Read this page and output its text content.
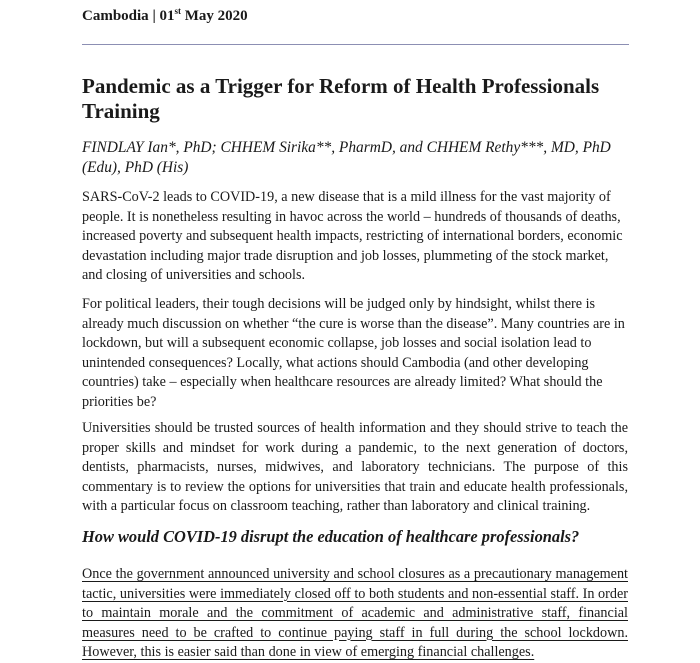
Cambodia | 01st May 2020
Pandemic as a Trigger for Reform of Health Professionals Training

FINDLAY Ian*, PhD; CHHEM Sirika**, PharmD, and CHHEM Rethy***, MD, PhD (Edu), PhD (His)

SARS-CoV-2 leads to COVID-19, a new disease that is a mild illness for the vast majority of people. It is nonetheless resulting in havoc across the world – hundreds of thousands of deaths, increased poverty and subsequent health impacts, restricting of international borders, economic devastation including major trade disruption and job losses, plummeting of the stock market, and closing of universities and schools.

For political leaders, their tough decisions will be judged only by hindsight, whilst there is already much discussion on whether “the cure is worse than the disease”. Many countries are in lockdown, but will a subsequent economic collapse, job losses and social isolation lead to unintended consequences? Locally, what actions should Cambodia (and other developing countries) take – especially when healthcare resources are already limited? What should the priorities be?

Universities should be trusted sources of health information and they should strive to teach the proper skills and mindset for work during a pandemic, to the next generation of doctors, dentists, pharmacists, nurses, midwives, and laboratory technicians. The purpose of this commentary is to review the options for universities that train and educate health professionals, with a particular focus on classroom teaching, rather than laboratory and clinical training.

How would COVID-19 disrupt the education of healthcare professionals?

Once the government announced university and school closures as a precautionary management tactic, universities were immediately closed off to both students and non-essential staff. In order to maintain morale and the commitment of academic and administrative staff, financial measures need to be crafted to continue paying staff in full during the school lockdown. However, this is easier said than done in view of emerging financial challenges.
